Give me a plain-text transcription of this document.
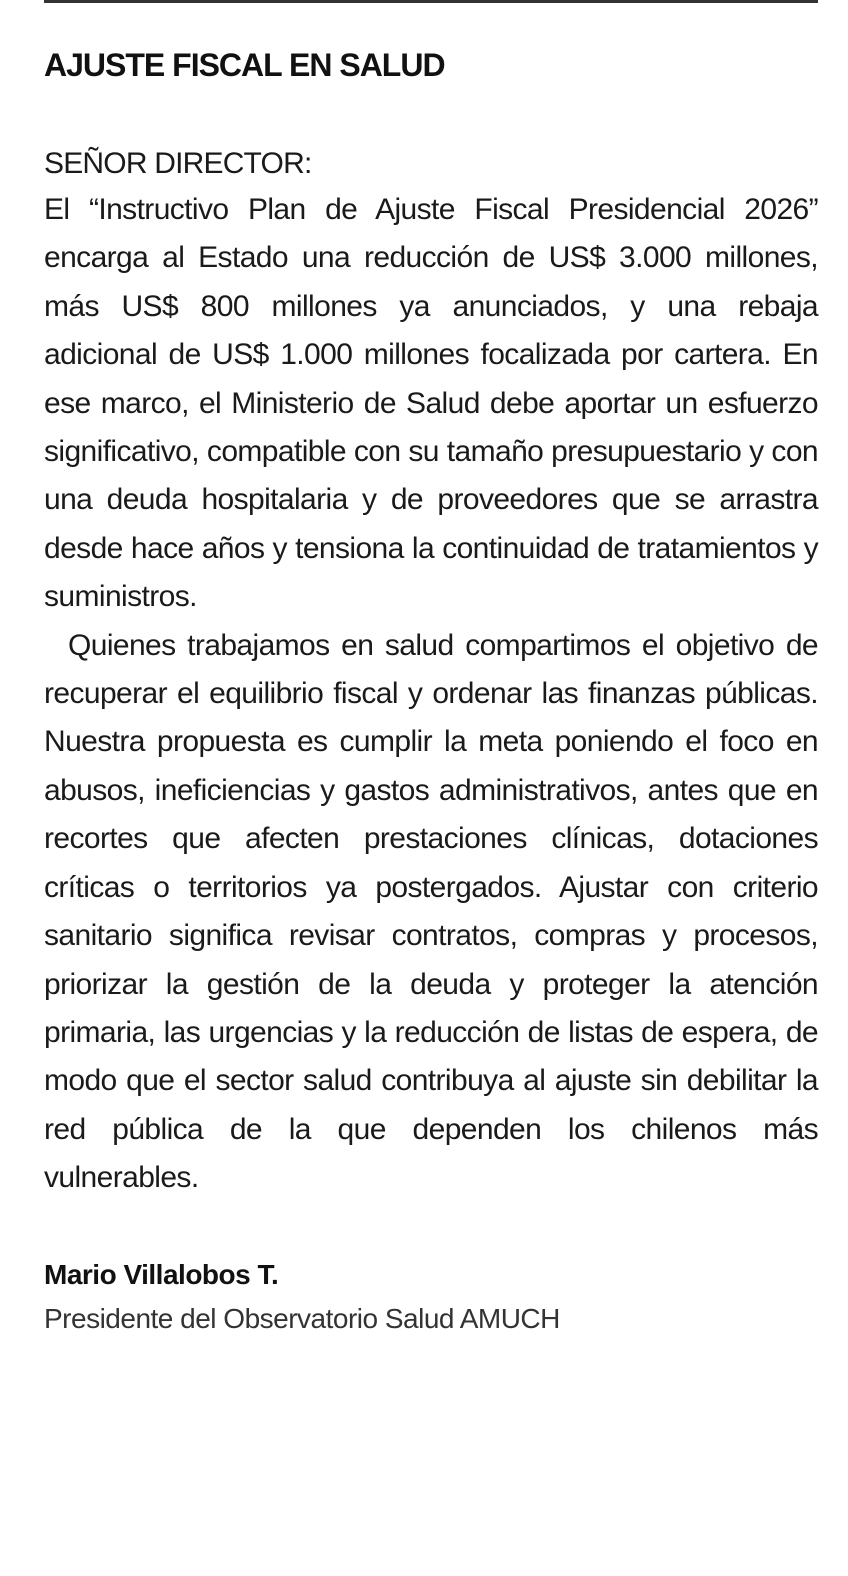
AJUSTE FISCAL EN SALUD
SEÑOR DIRECTOR:

El “Instructivo Plan de Ajuste Fiscal Presidencial 2026” encarga al Estado una reducción de US$ 3.000 millones, más US$ 800 millones ya anunciados, y una rebaja adicional de US$ 1.000 millones focalizada por cartera. En ese marco, el Ministerio de Salud debe aportar un esfuerzo significativo, compatible con su tamaño presupuestario y con una deuda hospitalaria y de proveedores que se arrastra desde hace años y tensiona la continuidad de tratamientos y suministros.

Quienes trabajamos en salud compartimos el objetivo de recuperar el equilibrio fiscal y ordenar las finanzas públicas. Nuestra propuesta es cumplir la meta poniendo el foco en abusos, ineficiencias y gastos administrativos, antes que en recortes que afecten prestaciones clínicas, dotaciones críticas o territorios ya postergados. Ajustar con criterio sanitario significa revisar contratos, compras y procesos, priorizar la gestión de la deuda y proteger la atención primaria, las urgencias y la reducción de listas de espera, de modo que el sector salud contribuya al ajuste sin debilitar la red pública de la que dependen los chilenos más vulnerables.

Mario Villalobos T.
Presidente del Observatorio Salud AMUCH
